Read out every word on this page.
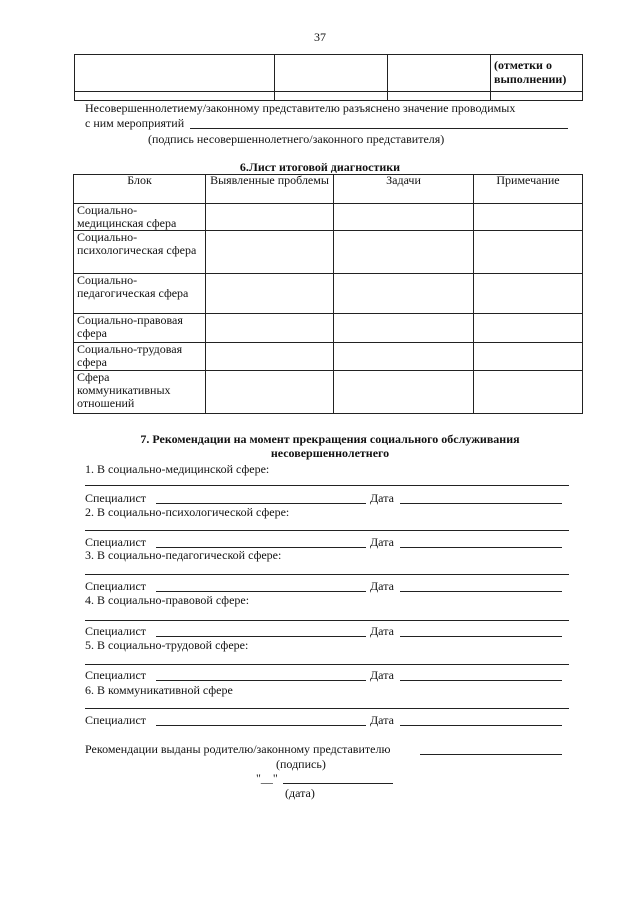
37
			(отметки о выполнении)

Несовершеннолетиему/законному представителю разъяснено значение проводимых
с ним мероприятий
(подпись несовершеннолетнего/законного представителя)
6.Лист итоговой диагностики
Блок	Выявленные проблемы	Задачи	Примечание
Социально-медицинская сфера			
Социально-психологическая сфера			
Социально-педагогическая сфера			
Социально-правовая сфера			
Социально-трудовая сфера			
Сфера коммуникативных отношений			
7. Рекомендации на момент прекращения социального обслуживания
несовершеннолетнего
1. В социально-медицинской сфере:
Специалист	Дата
2. В социально-психологической сфере:
Специалист	Дата
3. В социально-педагогической сфере:
Специалист	Дата
4. В социально-правовой сфере:
Специалист	Дата
5. В социально-трудовой сфере:
Специалист	Дата
6. В коммуникативной сфере
Специалист	Дата
Рекомендации выданы родителю/законному представителю
(подпись)
"__"
(дата)
